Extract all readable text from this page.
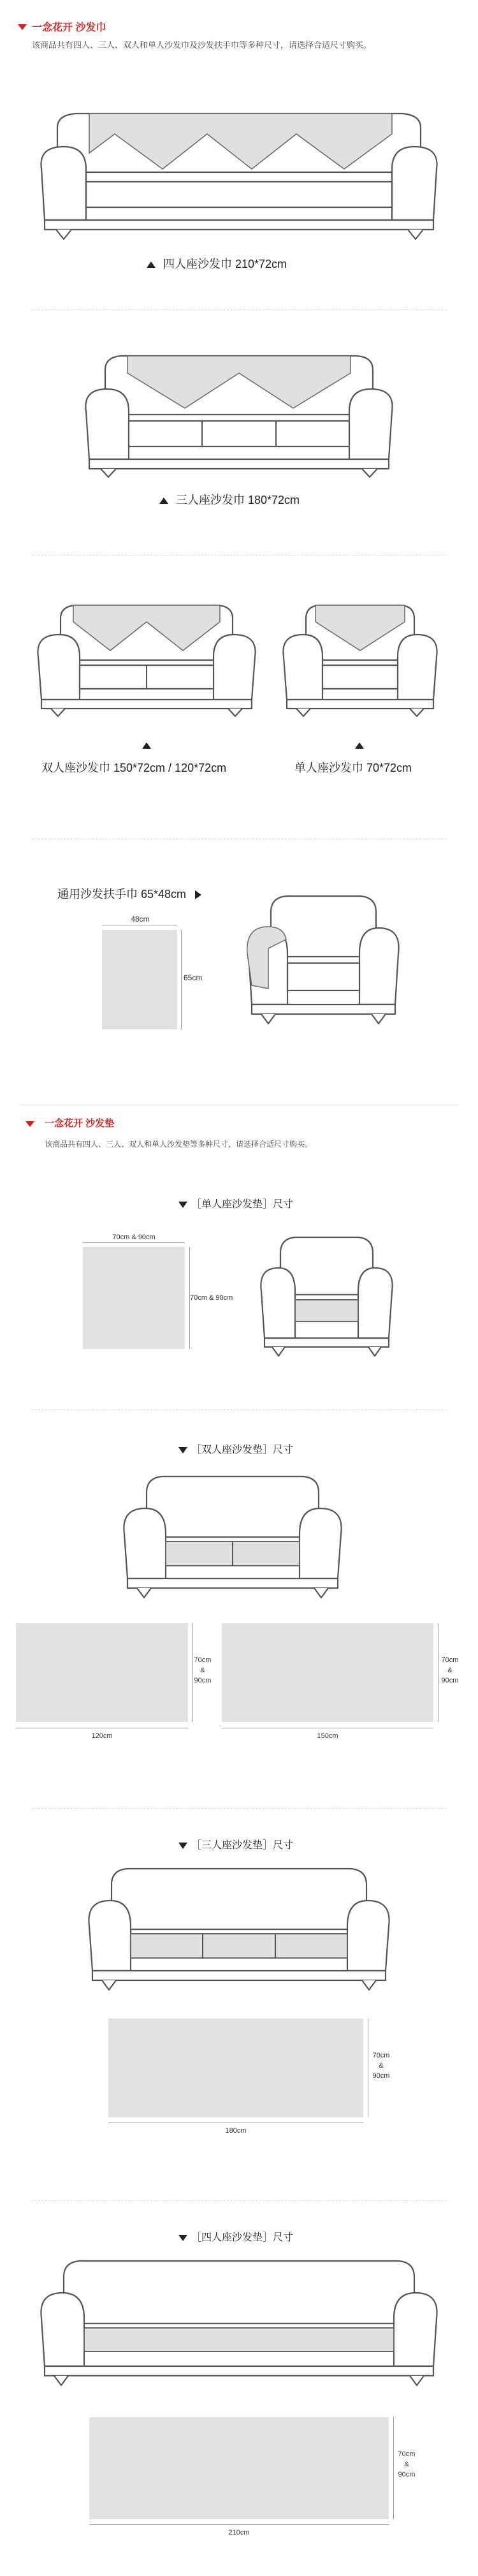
一念花开 沙发巾
该商品共有四人、三人、双人和单人沙发巾及沙发扶手巾等多种尺寸，请选择合适尺寸购买。
四人座沙发巾 210*72cm
三人座沙发巾 180*72cm
双人座沙发巾 150*72cm / 120*72cm	单人座沙发巾 70*72cm
通用沙发扶手巾 65*48cm
48cm
65cm
一念花开 沙发垫
该商品共有四人、三人、双人和单人沙发垫等多种尺寸，请选择合适尺寸购买。
［单人座沙发垫］尺寸
70cm & 90cm
70cm & 90cm
［双人座沙发垫］尺寸
70cm
&
90cm
120cm
70cm
&
90cm
150cm
［三人座沙发垫］尺寸
70cm
&
90cm
180cm
［四人座沙发垫］尺寸
70cm
&
90cm
210cm
